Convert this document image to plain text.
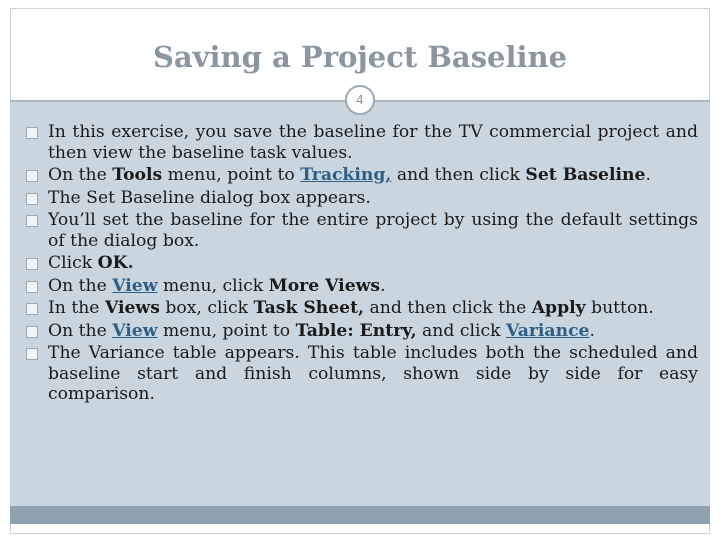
Saving a Project Baseline
4
In this exercise, you save the baseline for the TV commercial project and then view the baseline task values.
On the Tools menu, point to Tracking, and then click Set Baseline.
The Set Baseline dialog box appears.
You’ll set the baseline for the entire project by using the default settings of the dialog box.
Click OK.
On the View menu, click More Views.
In the Views box, click Task Sheet, and then click the Apply button.
On the View menu, point to Table: Entry, and click Variance.
The Variance table appears. This table includes both the scheduled and baseline start and finish columns, shown side by side for easy comparison.
